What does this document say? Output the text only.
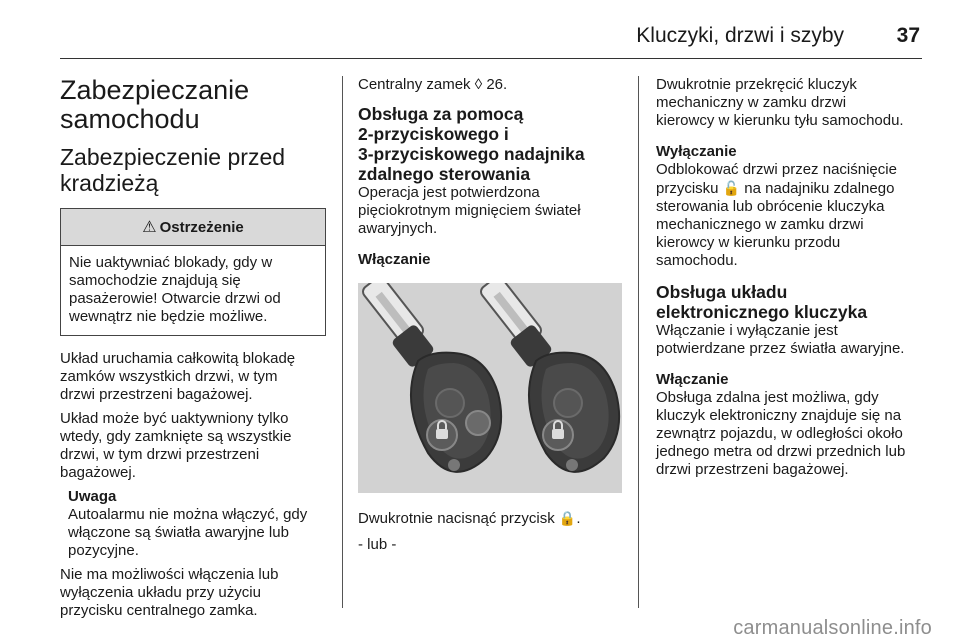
Kluczyki, drzwi i szyby	37
Zabezpieczanie
samochodu
Zabezpieczenie przed
kradzieżą
⚠ Ostrzeżenie

Nie uaktywniać blokady, gdy w

samochodzie znajdują się

pasażerowie! Otwarcie drzwi od

wewnątrz nie będzie możliwe.

Układ uruchamia całkowitą blokadę

zamków wszystkich drzwi, w tym

drzwi przestrzeni bagażowej.

Układ może być uaktywniony tylko

wtedy, gdy zamknięte są wszystkie

drzwi, w tym drzwi przestrzeni

bagażowej.

Uwaga

Autoalarmu nie można włączyć, gdy

włączone są światła awaryjne lub

pozycyjne.

Nie ma możliwości włączenia lub

wyłączenia układu przy użyciu

przycisku centralnego zamka.

Centralny zamek ◊ 26.

Obsługa za pomocą
2-przyciskowego i
3-przyciskowego nadajnika
zdalnego sterowania

Operacja jest potwierdzona

pięciokrotnym mignięciem świateł

awaryjnych.

Włączanie

Dwukrotnie nacisnąć przycisk 🔒.

- lub -

Dwukrotnie przekręcić kluczyk

mechaniczny w zamku drzwi

kierowcy w kierunku tyłu samochodu.

Wyłączanie

Odblokować drzwi przez naciśnięcie

przycisku 🔓 na nadajniku zdalnego

sterowania lub obrócenie kluczyka

mechanicznego w zamku drzwi

kierowcy w kierunku przodu

samochodu.

Obsługa układu
elektronicznego kluczyka

Włączanie i wyłączanie jest

potwierdzane przez światła awaryjne.

Włączanie

Obsługa zdalna jest możliwa, gdy

kluczyk elektroniczny znajduje się na

zewnątrz pojazdu, w odległości około

jednego metra od drzwi przednich lub

drzwi przestrzeni bagażowej.

carmanualsonline.info
